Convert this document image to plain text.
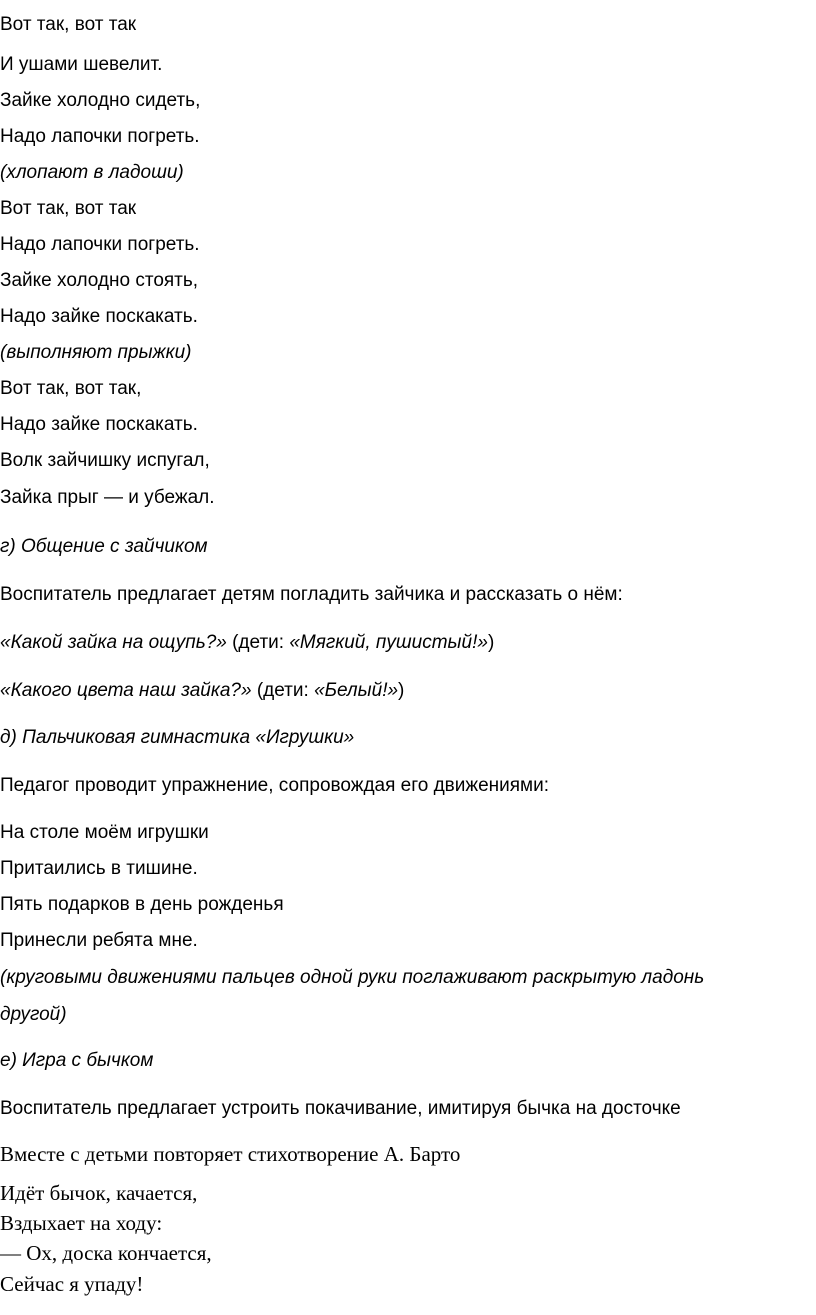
Вот так, вот так

И ушами шевелит.

Зайке холодно сидеть,

Надо лапочки погреть.

(хлопают в ладоши)

Вот так, вот так

Надо лапочки погреть.

Зайке холодно стоять,

Надо зайке поскакать.

(выполняют прыжки)

Вот так, вот так,

Надо зайке поскакать.

Волк зайчишку испугал,

Зайка прыг — и убежал.

г) Общение с зайчиком

Воспитатель предлагает детям погладить зайчика и рассказать о нём:

«Какой зайка на ощупь?» (дети: «Мягкий, пушистый!»)

«Какого цвета наш зайка?» (дети: «Белый!»)

д) Пальчиковая гимнастика «Игрушки»

Педагог проводит упражнение, сопровождая его движениями:

На столе моём игрушки

Притаились в тишине.

Пять подарков в день рожденья

Принесли ребята мне.

(круговыми движениями пальцев одной руки поглаживают раскрытую ладонь

другой)

е) Игра с бычком

Воспитатель предлагает устроить покачивание, имитируя бычка на досточке

Вместе с детьми повторяет стихотворение А. Барто

Идёт бычок, качается,

Вздыхает на ходу:

— Ох, доска кончается,

Сейчас я упаду!
